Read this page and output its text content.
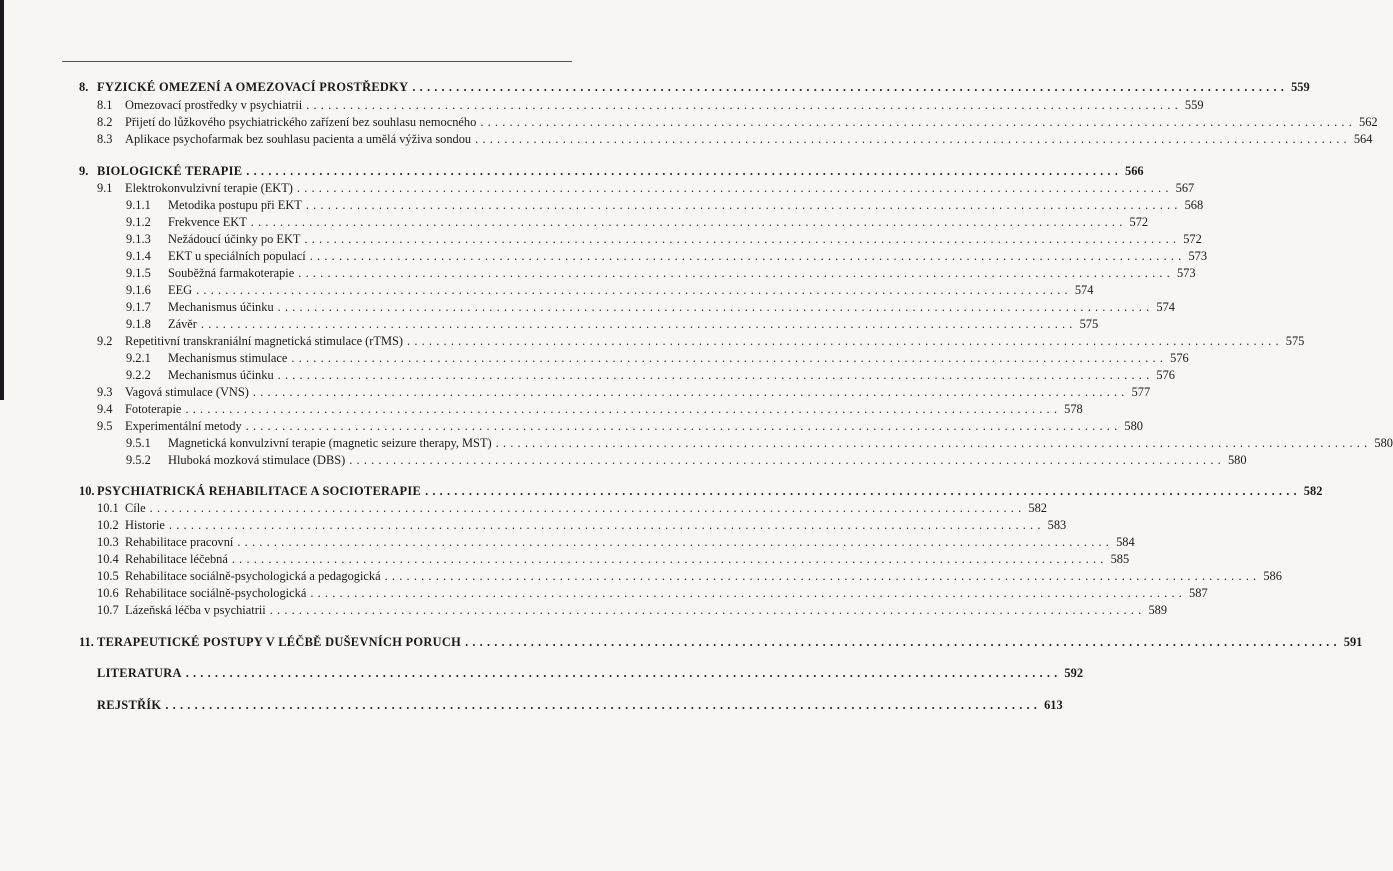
8. FYZICKÉ OMEZENÍ A OMEZOVACÍ PROSTŘEDKY ........................................................................................................................ 559
8.1 Omezovací prostředky v psychiatrii ........................................................................................................................ 559
8.2 Přijetí do lůžkového psychiatrického zařízení bez souhlasu nemocného ........................................................................................................................ 562
8.3 Aplikace psychofarmak bez souhlasu pacienta a umělá výživa sondou ........................................................................................................................ 564
9. BIOLOGICKÉ TERAPIE ........................................................................................................................ 566
9.1 Elektrokonvulzivní terapie (EKT) ........................................................................................................................ 567
9.1.1 Metodika postupu při EKT ........................................................................................................................ 568
9.1.2 Frekvence EKT ........................................................................................................................ 572
9.1.3 Nežádoucí účinky po EKT ........................................................................................................................ 572
9.1.4 EKT u speciálních populací ........................................................................................................................ 573
9.1.5 Souběžná farmakoterapie ........................................................................................................................ 573
9.1.6 EEG ........................................................................................................................ 574
9.1.7 Mechanismus účinku ........................................................................................................................ 574
9.1.8 Závěr ........................................................................................................................ 575
9.2 Repetitivní transkraniální magnetická stimulace (rTMS) ........................................................................................................................ 575
9.2.1 Mechanismus stimulace ........................................................................................................................ 576
9.2.2 Mechanismus účinku ........................................................................................................................ 576
9.3 Vagová stimulace (VNS) ........................................................................................................................ 577
9.4 Fototerapie ........................................................................................................................ 578
9.5 Experimentální metody ........................................................................................................................ 580
9.5.1 Magnetická konvulzivní terapie (magnetic seizure therapy, MST) ........................................................................................................................ 580
9.5.2 Hluboká mozková stimulace (DBS) ........................................................................................................................ 580
10. PSYCHIATRICKÁ REHABILITACE A SOCIOTERAPIE ........................................................................................................................ 582
10.1 Cíle ........................................................................................................................ 582
10.2 Historie ........................................................................................................................ 583
10.3 Rehabilitace pracovní ........................................................................................................................ 584
10.4 Rehabilitace léčebná ........................................................................................................................ 585
10.5 Rehabilitace sociálně-psychologická a pedagogická ........................................................................................................................ 586
10.6 Rehabilitace sociálně-psychologická ........................................................................................................................ 587
10.7 Lázeňská léčba v psychiatrii ........................................................................................................................ 589
11. TERAPEUTICKÉ POSTUPY V LÉČBĚ DUŠEVNÍCH PORUCH ........................................................................................................................ 591
LITERATURA ........................................................................................................................ 592
REJSTŘÍK ........................................................................................................................ 613
